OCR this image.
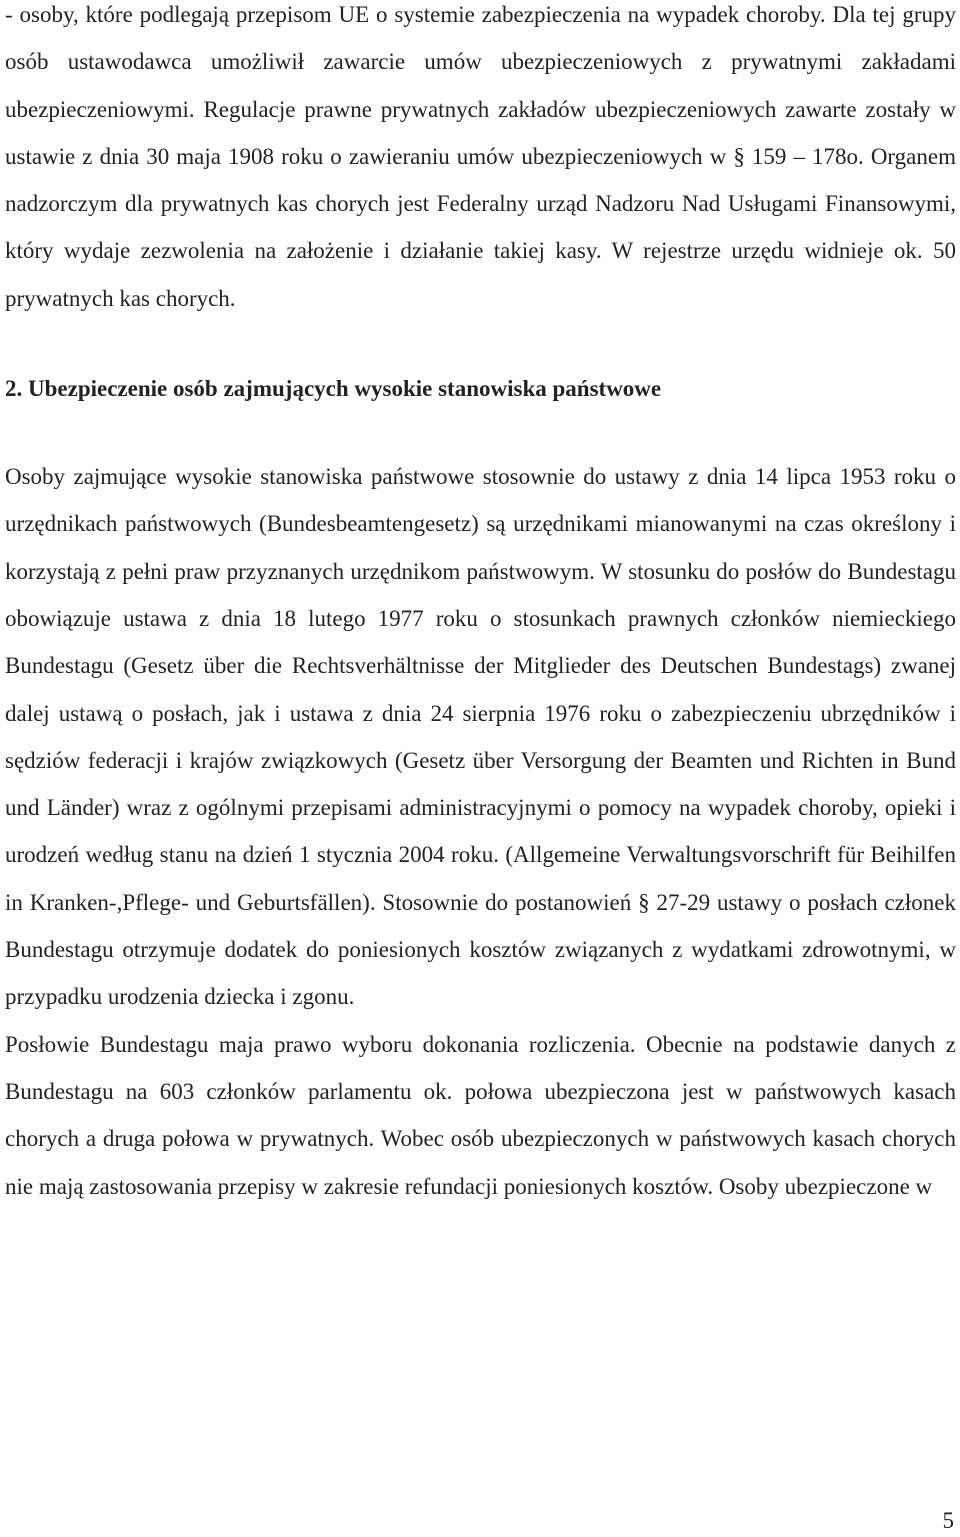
- osoby, które podlegają przepisom UE o systemie zabezpieczenia na wypadek choroby. Dla tej grupy osób ustawodawca umożliwił zawarcie umów ubezpieczeniowych z prywatnymi zakładami ubezpieczeniowymi. Regulacje prawne prywatnych zakładów ubezpieczeniowych zawarte zostały w ustawie z dnia 30 maja 1908 roku o zawieraniu umów ubezpieczeniowych w § 159 – 178o. Organem nadzorczym dla prywatnych kas chorych jest Federalny urząd Nadzoru Nad Usługami Finansowymi, który wydaje zezwolenia na założenie i działanie takiej kasy. W rejestrze urzędu widnieje ok. 50 prywatnych kas chorych.

2. Ubezpieczenie osób zajmujących wysokie stanowiska państwowe

Osoby zajmujące wysokie stanowiska państwowe stosownie do ustawy z dnia 14 lipca 1953 roku o urzędnikach państwowych (Bundesbeamtengesetz) są urzędnikami mianowanymi na czas określony i korzystają z pełni praw przyznanych urzędnikom państwowym. W stosunku do posłów do Bundestagu obowiązuje ustawa z dnia 18 lutego 1977 roku o stosunkach prawnych członków niemieckiego Bundestagu (Gesetz über die Rechtsverhältnisse der Mitglieder des Deutschen Bundestags) zwanej dalej ustawą o posłach, jak i ustawa z dnia 24 sierpnia 1976 roku o zabezpieczeniu ubrzędników i sędziów federacji i krajów związkowych (Gesetz über Versorgung der Beamten und Richten in Bund und Länder) wraz z ogólnymi przepisami administracyjnymi o pomocy na wypadek choroby, opieki i urodzeń według stanu na dzień 1 stycznia 2004 roku. (Allgemeine Verwaltungsvorschrift für Beihilfen in Kranken-,Pflege- und Geburtsfällen). Stosownie do postanowień § 27-29 ustawy o posłach członek Bundestagu otrzymuje dodatek do poniesionych kosztów związanych z wydatkami zdrowotnymi, w przypadku urodzenia dziecka i zgonu.

Posłowie Bundestagu maja prawo wyboru dokonania rozliczenia. Obecnie na podstawie danych z Bundestagu na 603 członków parlamentu ok. połowa ubezpieczona jest w państwowych kasach chorych a druga połowa w prywatnych. Wobec osób ubezpieczonych w państwowych kasach chorych nie mają zastosowania przepisy w zakresie refundacji poniesionych kosztów. Osoby ubezpieczone w

5
